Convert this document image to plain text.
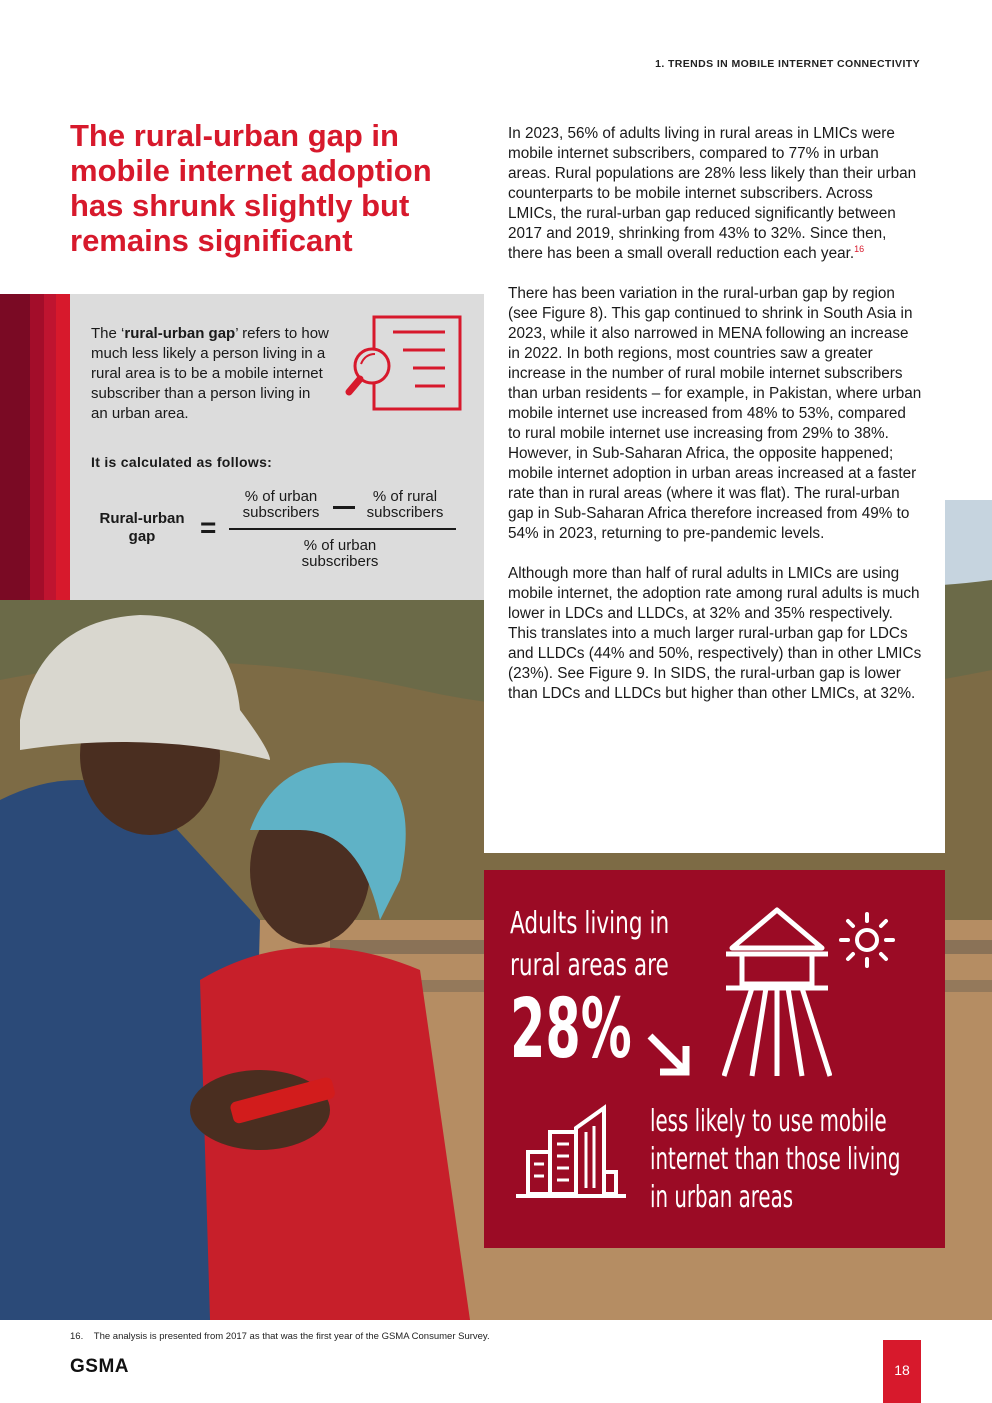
1. TRENDS IN MOBILE INTERNET CONNECTIVITY
The rural-urban gap in mobile internet adoption has shrunk slightly but remains significant

The ‘rural-urban gap’ refers to how much less likely a person living in a rural area is to be a mobile internet subscriber than a person living in an urban area.

It is calculated as follows:
Rural-urban gap	=
% of urban subscribers
% of rural subscribers
% of urban subscribers

In 2023, 56% of adults living in rural areas in LMICs were mobile internet subscribers, compared to 77% in urban areas. Rural populations are 28% less likely than their urban counterparts to be mobile internet subscribers. Across LMICs, the rural-urban gap reduced significantly between 2017 and 2019, shrinking from 43% to 32%. Since then, there has been a small overall reduction each year.$^{16}$

There has been variation in the rural-urban gap by region (see Figure 8). This gap continued to shrink in South Asia in 2023, while it also narrowed in MENA following an increase in 2022. In both regions, most countries saw a greater increase in the number of rural mobile internet subscribers than urban residents – for example, in Pakistan, where urban mobile internet use increased from 48% to 53%, compared to rural mobile internet use increasing from 29% to 38%. However, in Sub-Saharan Africa, the opposite happened; mobile internet adoption in urban areas increased at a faster rate than in rural areas (where it was flat). The rural-urban gap in Sub-Saharan Africa therefore increased from 49% to 54% in 2023, returning to pre-pandemic levels.

Although more than half of rural adults in LMICs are using mobile internet, the adoption rate among rural adults is much lower in LDCs and LLDCs, at 32% and 35% respectively. This translates into a much larger rural-urban gap for LDCs and LLDCs (44% and 50%, respectively) than in other LMICs (23%). See Figure 9. In SIDS, the rural-urban gap is lower than LDCs and LLDCs but higher than other LMICs, at 32%.

Adults living in
rural areas are
28%
less likely to use mobile
internet than those living
in urban areas
16. The analysis is presented from 2017 as that was the first year of the GSMA Consumer Survey.
GSMA	18
